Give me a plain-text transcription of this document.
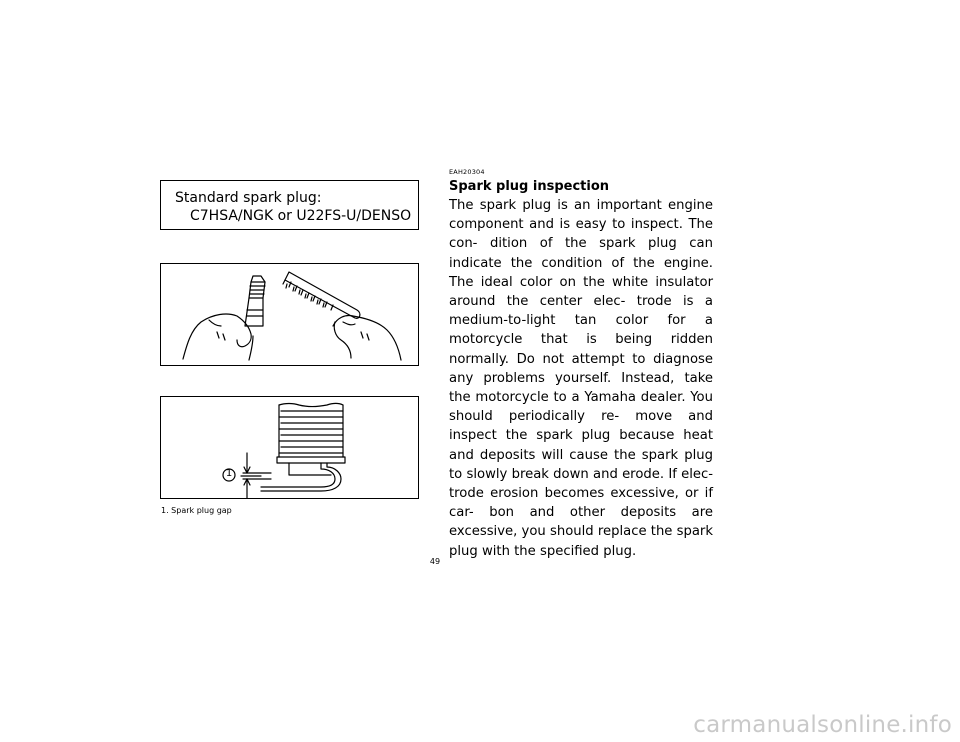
Standard spark plug:
C7HSA/NGK or U22FS-U/DENSO
1
1. Spark plug gap
EAH20304
Spark plug inspection
The spark plug is an important engine component and is easy to inspect. The con- dition of the spark plug can indicate the condition of the engine. The ideal color on the white insulator around the center elec- trode is a medium-to-light tan color for a motorcycle that is being ridden normally. Do not attempt to diagnose any problems yourself. Instead, take the motorcycle to a Yamaha dealer. You should periodically re- move and inspect the spark plug because heat and deposits will cause the spark plug to slowly break down and erode. If elec- trode erosion becomes excessive, or if car- bon and other deposits are excessive, you should replace the spark plug with the specified plug.
49
carmanualsonline.info
